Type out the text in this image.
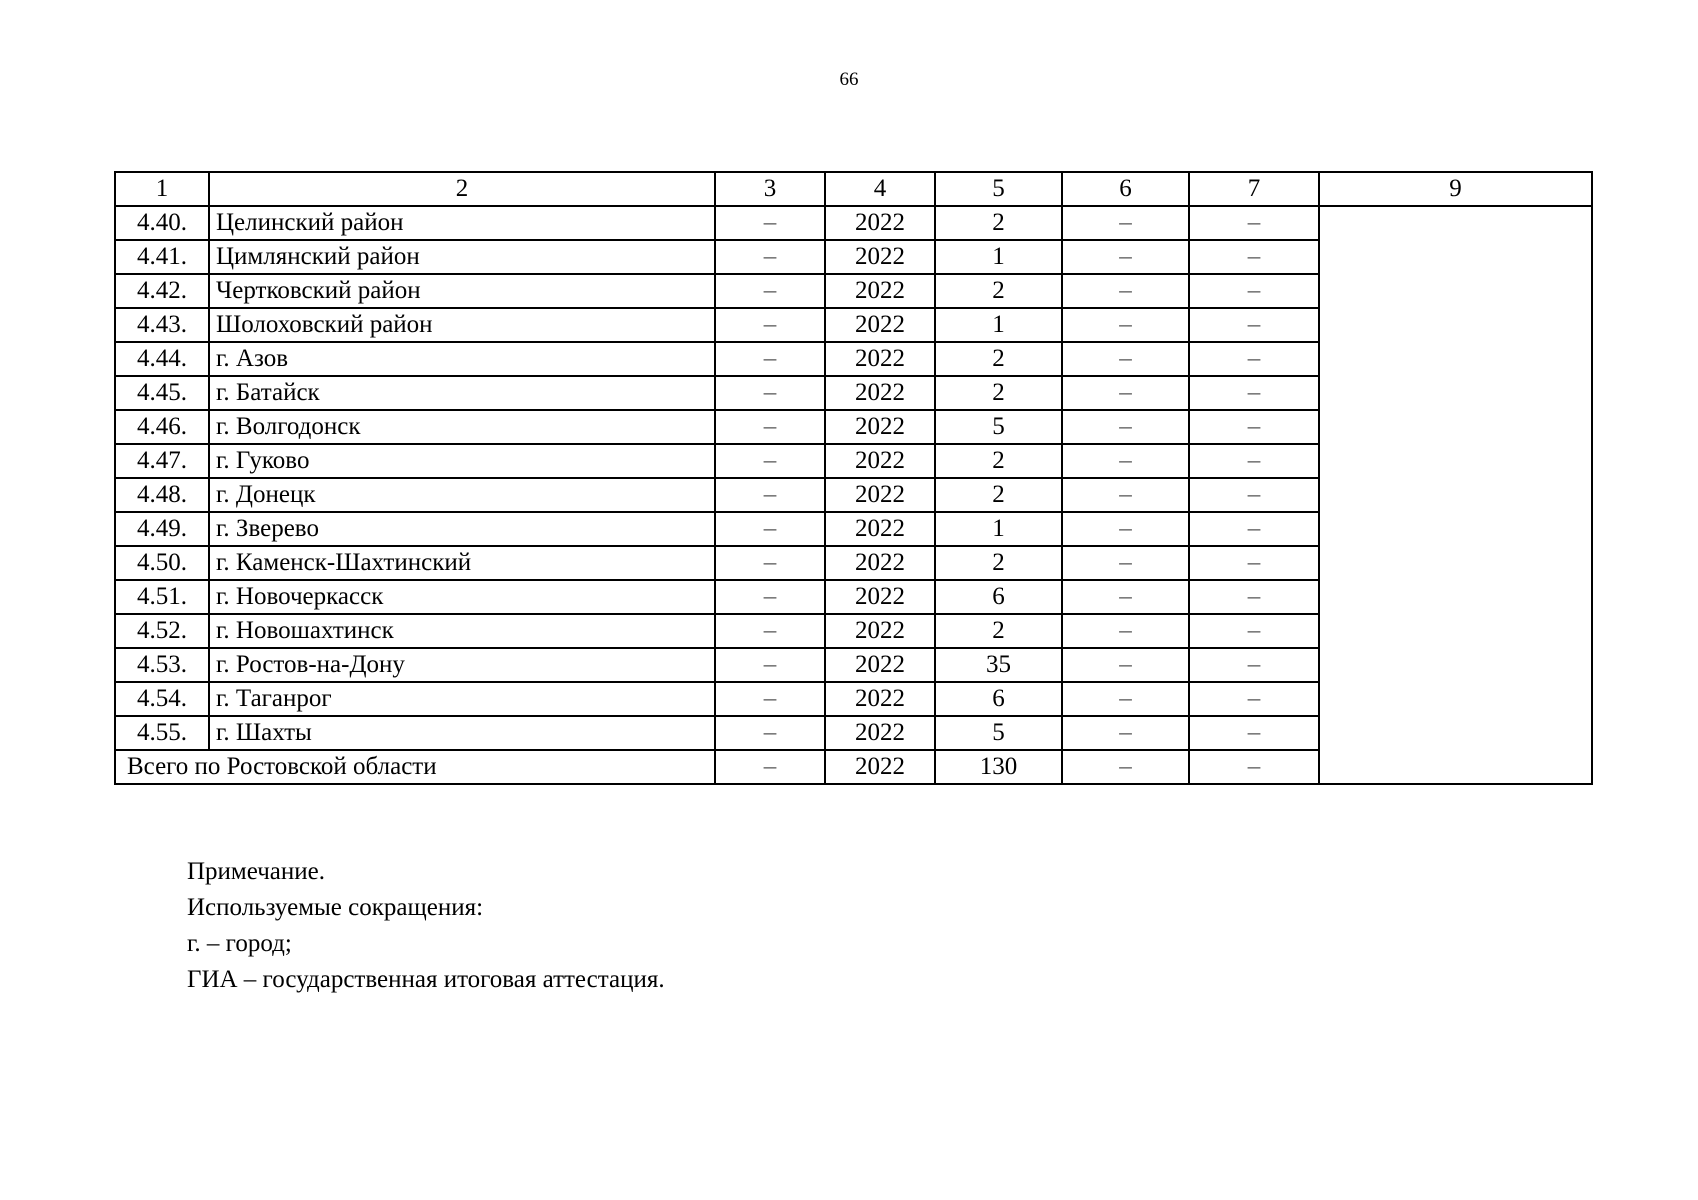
66
1	2	3	4	5	6	7	9
4.40.	Целинский район	–	2022	2	–	–	
4.41.	Цимлянский район	–	2022	1	–	–	
4.42.	Чертковский район	–	2022	2	–	–	
4.43.	Шолоховский район	–	2022	1	–	–	
4.44.	г. Азов	–	2022	2	–	–	
4.45.	г. Батайск	–	2022	2	–	–	
4.46.	г. Волгодонск	–	2022	5	–	–	
4.47.	г. Гуково	–	2022	2	–	–	
4.48.	г. Донецк	–	2022	2	–	–	
4.49.	г. Зверево	–	2022	1	–	–	
4.50.	г. Каменск-Шахтинский	–	2022	2	–	–	
4.51.	г. Новочеркасск	–	2022	6	–	–	
4.52.	г. Новошахтинск	–	2022	2	–	–	
4.53.	г. Ростов-на-Дону	–	2022	35	–	–	
4.54.	г. Таганрог	–	2022	6	–	–	
4.55.	г. Шахты	–	2022	5	–	–	
Всего по Ростовской области		–	2022	130	–	–	
Примечание.
Используемые сокращения:
г. – город;
ГИА – государственная итоговая аттестация.
